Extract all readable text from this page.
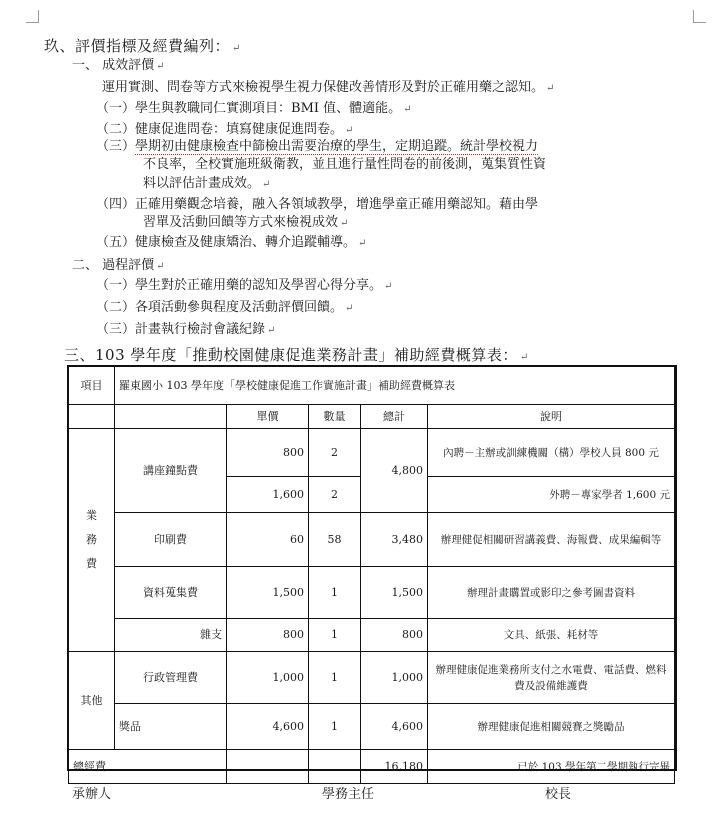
玖、評價指標及經費編列： ↵
一、 成效評價 ↵
運用實測、問卷等方式來檢視學生視力保健改善情形及對於正確用藥之認知。 ↵
（一）學生與教職同仁實測項目：BMI 值、體適能。 ↵
（二）健康促進問卷：填寫健康促進問卷。 ↵
（三）學期初由健康檢查中篩檢出需要治療的學生，定期追蹤。統計學校視力
不良率，全校實施班級衛教，並且進行量性問卷的前後測，蒐集質性資
料以評估計畫成效。 ↵
（四）正確用藥觀念培養，融入各領域教學，增進學童正確用藥認知。藉由學
習單及活動回饋等方式來檢視成效 ↵
（五）健康檢查及健康矯治、轉介追蹤輔導。 ↵
二、 過程評價 ↵
（一）學生對於正確用藥的認知及學習心得分享。 ↵
（二）各項活動參與程度及活動評價回饋。 ↵
（三）計畫執行檢討會議紀錄 ↵
三、103 學年度「推動校園健康促進業務計畫」補助經費概算表： ↵
項目	羅東國小 103 學年度「學校健康促進工作實施計畫」補助經費概算表				
		單價	數量	總計	說明
業務費	講座鐘點費	800	2	4,800	內聘－主辦或訓練機關（構）學校人員 800 元
		1,600	2		外聘－專家學者 1,600 元
	印刷費	60	58	3,480	辦理健促相關研習講義費、海報費、成果編輯等
	資料蒐集費	1,500	1	1,500	辦理計畫購置或影印之參考圖書資料
	雜支	800	1	800	文具、紙張、耗材等
其他	行政管理費	1,000	1	1,000	辦理健康促進業務所支付之水電費、電話費、燃料費及設備維護費
	獎品	4,600	1	4,600	辦理健康促進相關競賽之獎勵品
總經費				16,180	已於 103 學年第二學期執行完畢
承辦人	學務主任	校長
